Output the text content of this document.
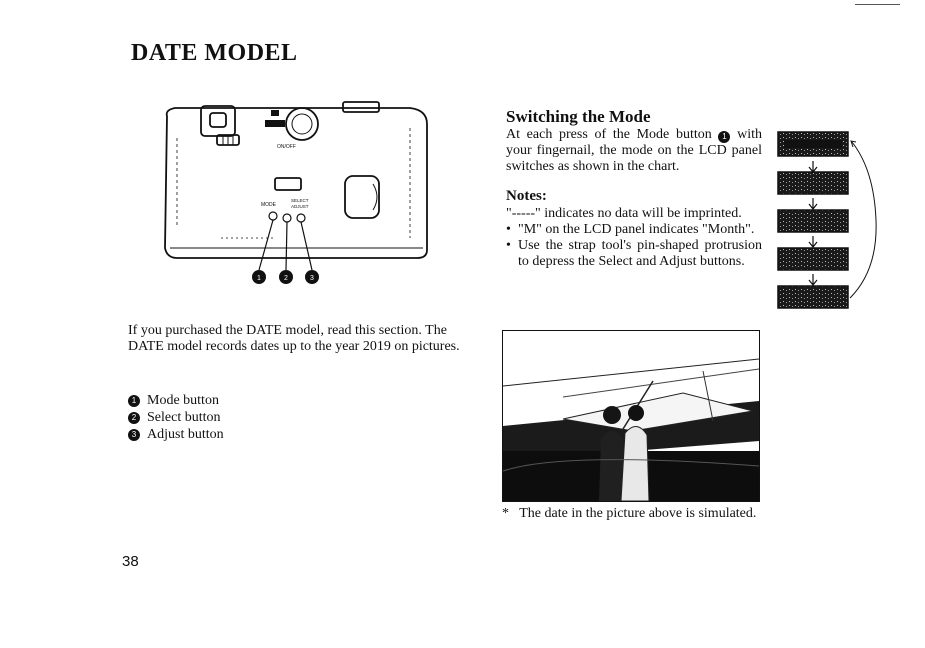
DATE MODEL
ON/OFF
MODE
SELECT
ADJUST
1	2	3
Switching the Mode

At each press of the Mode button 1 with your fingernail, the mode on the LCD panel switches as shown in the chart.

Notes:
"-----" indicates no data will be imprinted.
• "M" on the LCD panel indicates "Month".
• Use the strap tool's pin-shaped protrusion to depress the Select and Adjust buttons.

If you purchased the DATE model, read this section. The DATE model records dates up to the year 2019 on pictures.

1 Mode button
2 Select button
3 Adjust button

* The date in the picture above is simulated.

38
